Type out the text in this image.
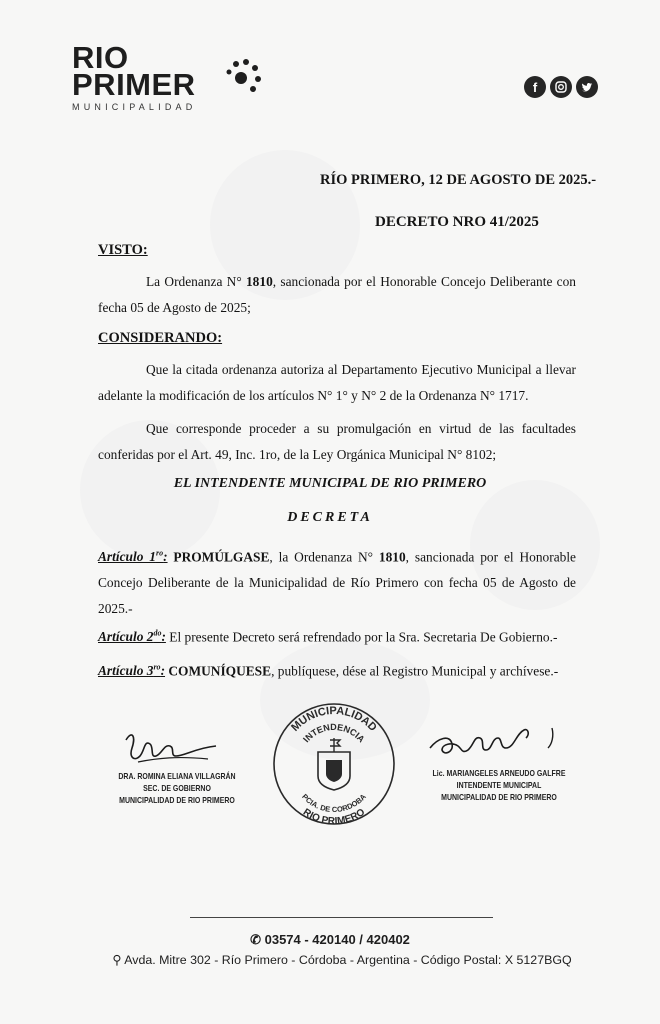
RIO
PRIMER
MUNICIPALIDAD
f
RÍO PRIMERO, 12 DE AGOSTO DE 2025.-
DECRETO NRO 41/2025
VISTO:
La Ordenanza N° 1810, sancionada por el Honorable Concejo Deliberante con fecha 05 de Agosto de 2025;
CONSIDERANDO:
Que la citada ordenanza autoriza al Departamento Ejecutivo Municipal a llevar adelante la modificación de los artículos N° 1° y N° 2 de la Ordenanza N° 1717.
Que corresponde proceder a su promulgación en virtud de las facultades conferidas por el Art. 49, Inc. 1ro, de la Ley Orgánica Municipal N° 8102;
EL INTENDENTE MUNICIPAL DE RIO PRIMERO
DECRETA
Artículo $1^{ro}$: PROMÚLGASE, la Ordenanza N° 1810, sancionada por el Honorable Concejo Deliberante de la Municipalidad de Río Primero con fecha 05 de Agosto de 2025.-
Artículo $2^{do}$: El presente Decreto será refrendado por la Sra. Secretaria De Gobierno.-
Artículo $3^{ro}$: COMUNÍQUESE, publíquese, dése al Registro Municipal y archívese.-
DRA. ROMINA ELIANA VILLAGRÁN
SEC. DE GOBIERNO
MUNICIPALIDAD DE RIO PRIMERO
MUNICIPALIDAD
INTENDENCIA
PCIA. DE CORDOBA
RIO PRIMERO
Lic. MARIANGELES ARNEUDO GALFRE
INTENDENTE MUNICIPAL
MUNICIPALIDAD DE RIO PRIMERO
✆ 03574 - 420140 / 420402
⚲ Avda. Mitre 302 - Río Primero - Córdoba - Argentina - Código Postal: X 5127BGQ
